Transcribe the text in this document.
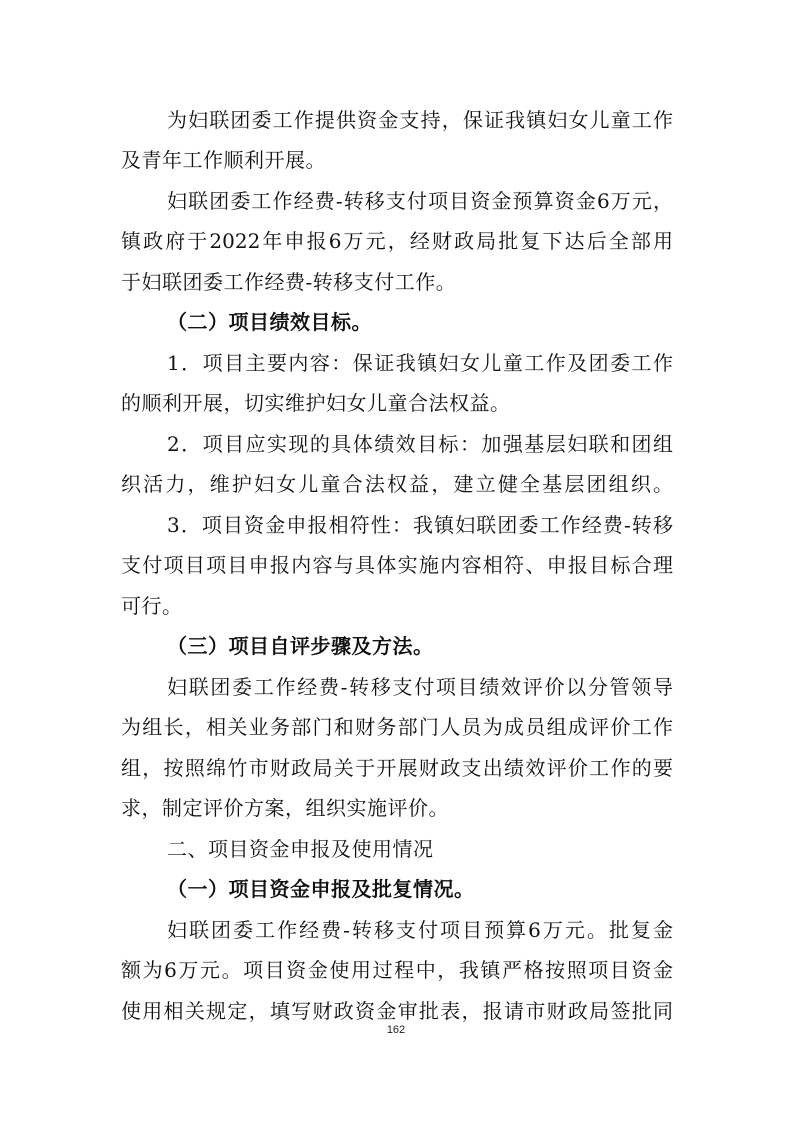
为妇联团委工作提供资金支持，保证我镇妇女儿童工作
及青年工作顺利开展。
妇联团委工作经费-转移支付项目资金预算资金6万元，
镇政府于2022年申报6万元，经财政局批复下达后全部用
于妇联团委工作经费-转移支付工作。
（二）项目绩效目标。
1．项目主要内容：保证我镇妇女儿童工作及团委工作
的顺利开展，切实维护妇女儿童合法权益。
2．项目应实现的具体绩效目标：加强基层妇联和团组
织活力，维护妇女儿童合法权益，建立健全基层团组织。
3．项目资金申报相符性：我镇妇联团委工作经费-转移
支付项目项目申报内容与具体实施内容相符、申报目标合理
可行。
（三）项目自评步骤及方法。
妇联团委工作经费-转移支付项目绩效评价以分管领导
为组长，相关业务部门和财务部门人员为成员组成评价工作
组，按照绵竹市财政局关于开展财政支出绩效评价工作的要
求，制定评价方案，组织实施评价。
二、项目资金申报及使用情况
（一）项目资金申报及批复情况。
妇联团委工作经费-转移支付项目预算6万元。批复金
额为6万元。项目资金使用过程中，我镇严格按照项目资金
使用相关规定，填写财政资金审批表，报请市财政局签批同
162
